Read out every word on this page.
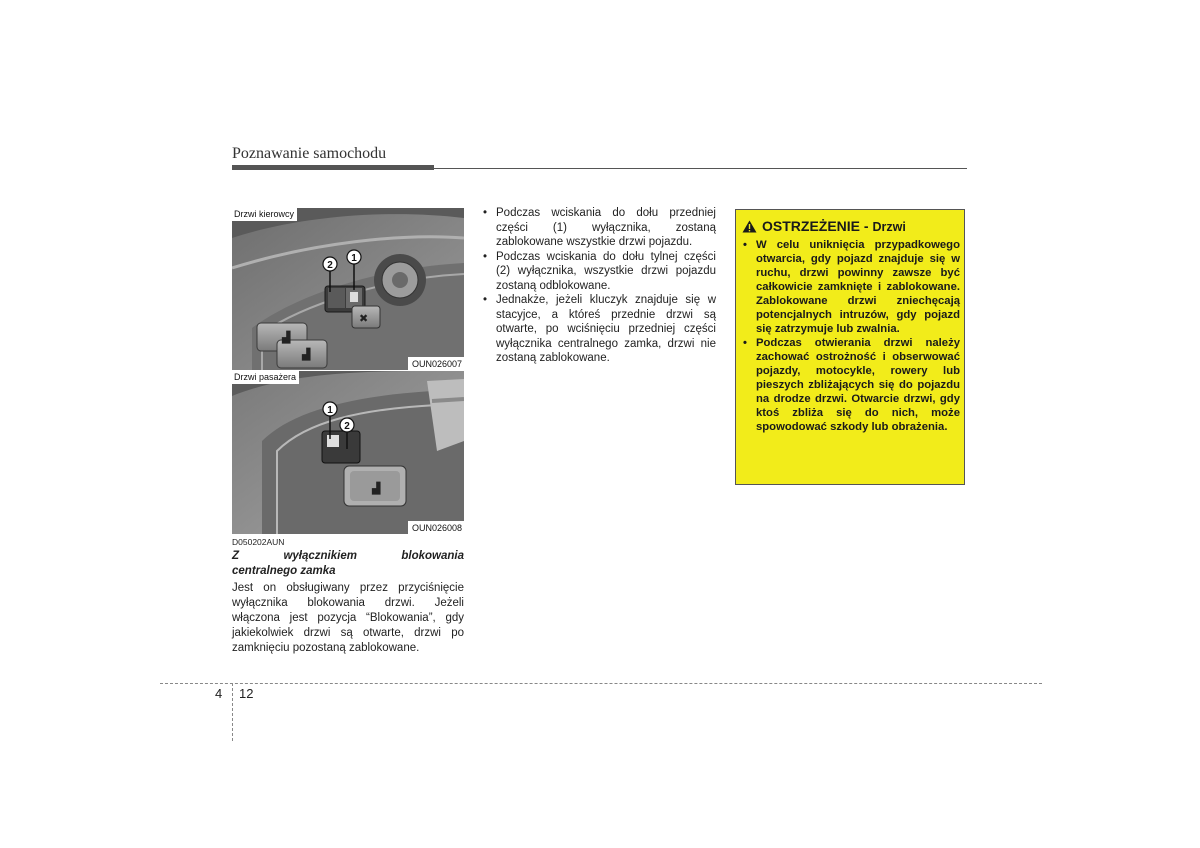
Poznawanie samochodu
▟
▟
✖
2
1
Drzwi kierowcy
OUN026007
▟
1
2
Drzwi pasażera
OUN026008
D050202AUN
Z wyłącznikiem blokowania
centralnego zamka
Jest on obsługiwany przez przyciśnięcie wyłącznika blokowania drzwi. Jeżeli włączona jest pozycja “Blokowania”, gdy jakiekolwiek drzwi są otwarte, drzwi po zamknięciu pozostaną zablokowane.
• Podczas wciskania do dołu przedniej części (1) wyłącznika, zostaną zablokowane wszystkie drzwi pojazdu.
• Podczas wciskania do dołu tylnej części (2) wyłącznika, wszystkie drzwi pojazdu zostaną odblokowane.
• Jednakże, jeżeli kluczyk znajduje się w stacyjce, a któreś przednie drzwi są otwarte, po wciśnięciu przedniej części wyłącznika centralnego zamka, drzwi nie zostaną zablokowane.
OSTRZEŻENIE - Drzwi
• W celu uniknięcia przypadkowego otwarcia, gdy pojazd znajduje się w ruchu, drzwi powinny zawsze być całkowicie zamknięte i zablokowane. Zablokowane drzwi zniechęcają potencjalnych intruzów, gdy pojazd się zatrzymuje lub zwalnia.
• Podczas otwierania drzwi należy zachować ostrożność i obserwować pojazdy, motocykle, rowery lub pieszych zbliżających się do pojazdu na drodze drzwi. Otwarcie drzwi, gdy ktoś zbliża się do nich, może spowodować szkody lub obrażenia.
4 12
